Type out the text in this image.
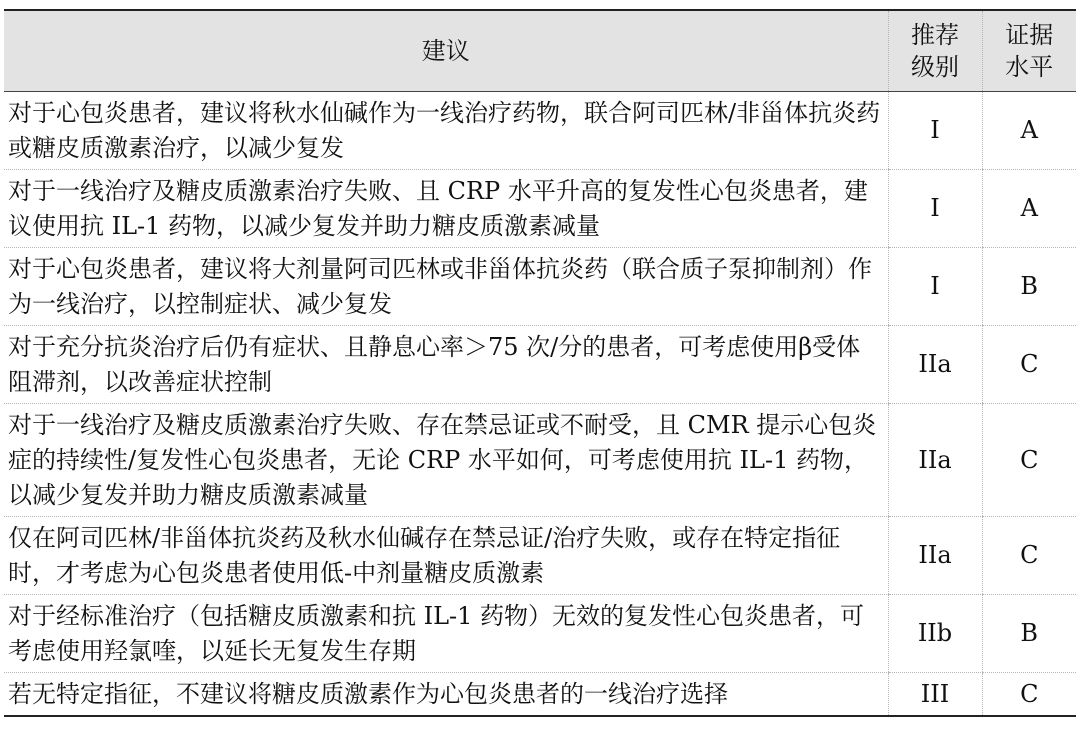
建议	推荐级别	证据水平
对于心包炎患者，建议将秋水仙碱作为一线治疗药物，联合阿司匹林/非甾体抗炎药或糖皮质激素治疗，以减少复发	I	A
对于一线治疗及糖皮质激素治疗失败、且 CRP 水平升高的复发性心包炎患者，建议使用抗 IL-1 药物，以减少复发并助力糖皮质激素减量	I	A
对于心包炎患者，建议将大剂量阿司匹林或非甾体抗炎药（联合质子泵抑制剂）作为一线治疗，以控制症状、减少复发	I	B
对于充分抗炎治疗后仍有症状、且静息心率＞75 次/分的患者，可考虑使用β受体阻滞剂，以改善症状控制	IIa	C
对于一线治疗及糖皮质激素治疗失败、存在禁忌证或不耐受，且 CMR 提示心包炎症的持续性/复发性心包炎患者，无论 CRP 水平如何，可考虑使用抗 IL-1 药物，以减少复发并助力糖皮质激素减量	IIa	C
仅在阿司匹林/非甾体抗炎药及秋水仙碱存在禁忌证/治疗失败，或存在特定指征时，才考虑为心包炎患者使用低-中剂量糖皮质激素	IIa	C
对于经标准治疗（包括糖皮质激素和抗 IL-1 药物）无效的复发性心包炎患者，可考虑使用羟氯喹，以延长无复发生存期	IIb	B
若无特定指征，不建议将糖皮质激素作为心包炎患者的一线治疗选择	III	C
